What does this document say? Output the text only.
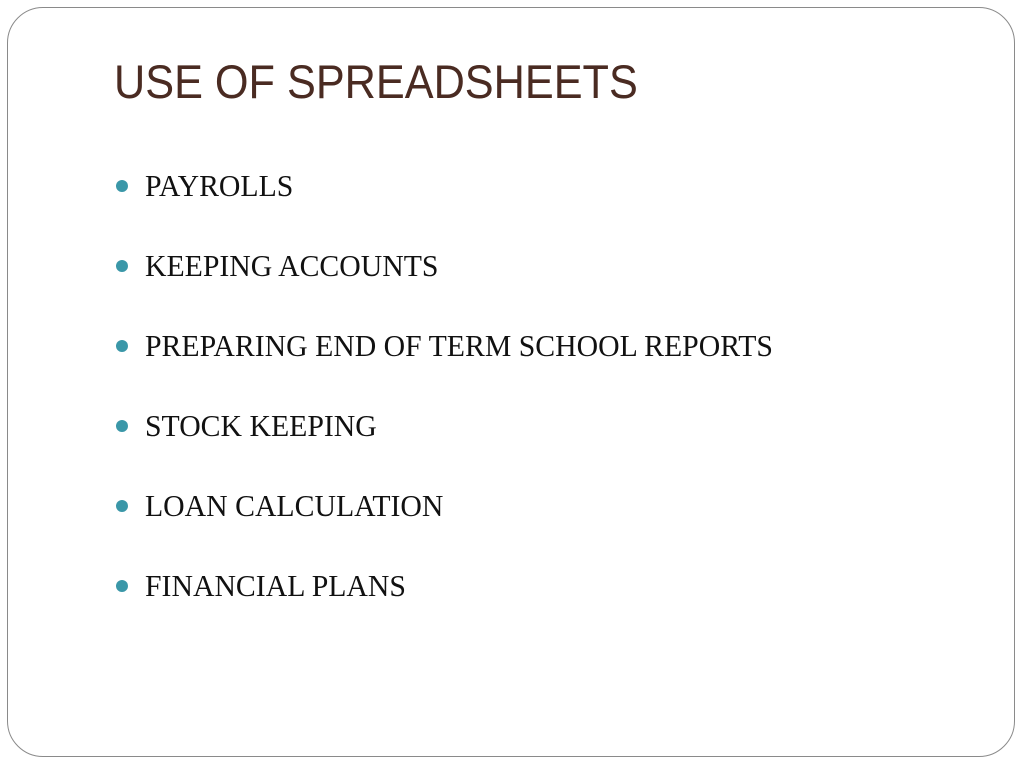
USE OF SPREADSHEETS
PAYROLLS
KEEPING ACCOUNTS
PREPARING END OF TERM SCHOOL REPORTS
STOCK KEEPING
LOAN CALCULATION
FINANCIAL PLANS
